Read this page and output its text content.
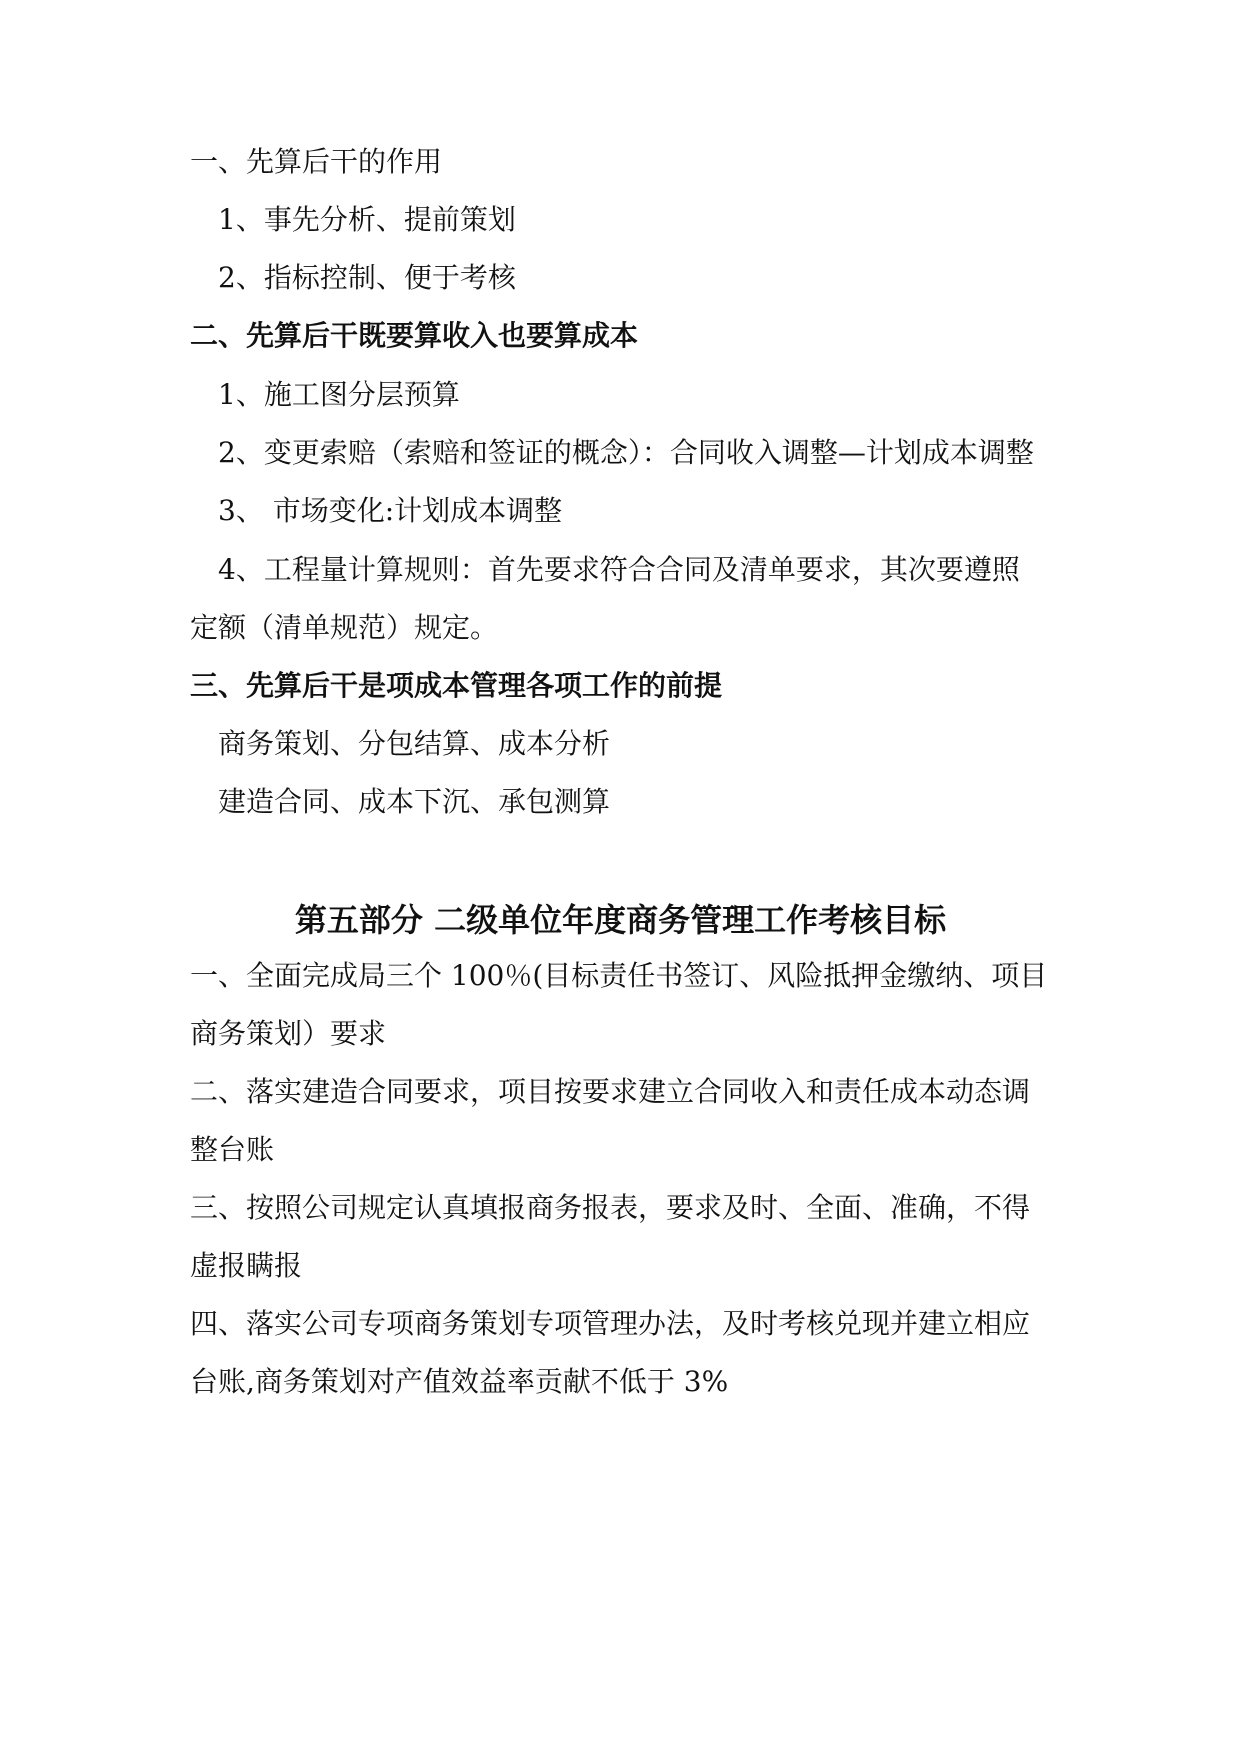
一、先算后干的作用
1、事先分析、提前策划
2、指标控制、便于考核
二、先算后干既要算收入也要算成本
1、施工图分层预算
2、变更索赔（索赔和签证的概念）：合同收入调整—计划成本调整
3、 市场变化:计划成本调整
4、工程量计算规则：首先要求符合合同及清单要求，其次要遵照
定额（清单规范）规定。
三、先算后干是项成本管理各项工作的前提
商务策划、分包结算、成本分析
建造合同、成本下沉、承包测算
第五部分 二级单位年度商务管理工作考核目标
一、全面完成局三个 100％(目标责任书签订、风险抵押金缴纳、项目
商务策划）要求
二、落实建造合同要求，项目按要求建立合同收入和责任成本动态调
整台账
三、按照公司规定认真填报商务报表，要求及时、全面、准确，不得
虚报瞒报
四、落实公司专项商务策划专项管理办法，及时考核兑现并建立相应
台账,商务策划对产值效益率贡献不低于 3%
